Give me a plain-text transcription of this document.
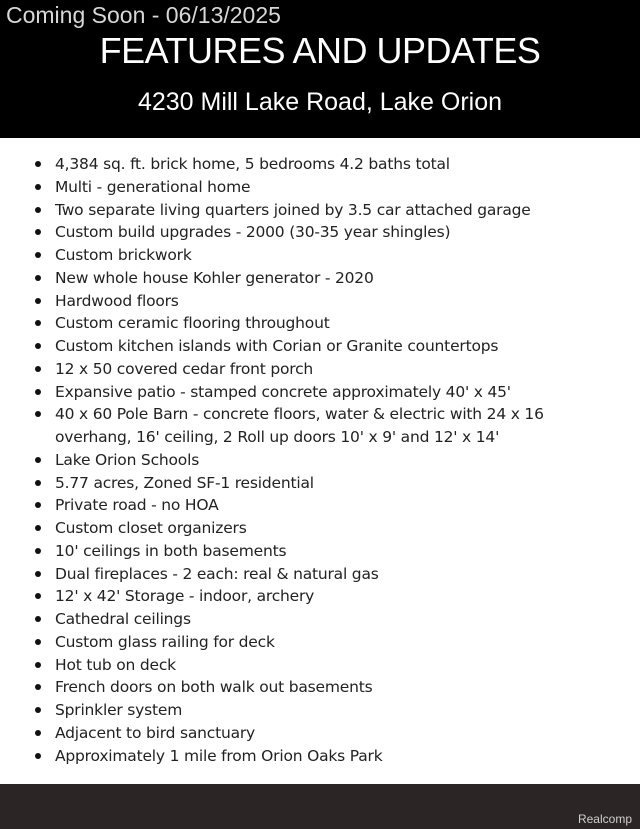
Coming Soon - 06/13/2025
FEATURES AND UPDATES
4230 Mill Lake Road, Lake Orion
4,384 sq. ft. brick home, 5 bedrooms 4.2 baths total
Multi - generational home
Two separate living quarters joined by 3.5 car attached garage
Custom build upgrades - 2000 (30-35 year shingles)
Custom brickwork
New whole house Kohler generator - 2020
Hardwood floors
Custom ceramic flooring throughout
Custom kitchen islands with Corian or Granite countertops
12 x 50 covered cedar front porch
Expansive patio - stamped concrete approximately 40' x 45'
40 x 60 Pole Barn - concrete floors, water & electric with 24 x 16 overhang, 16' ceiling, 2 Roll up doors 10' x 9' and 12' x 14'
Lake Orion Schools
5.77 acres, Zoned SF-1 residential
Private road - no HOA
Custom closet organizers
10' ceilings in both basements
Dual fireplaces - 2 each: real & natural gas
12' x 42' Storage - indoor, archery
Cathedral ceilings
Custom glass railing for deck
Hot tub on deck
French doors on both walk out basements
Sprinkler system
Adjacent to bird sanctuary
Approximately 1 mile from Orion Oaks Park
Realcomp
